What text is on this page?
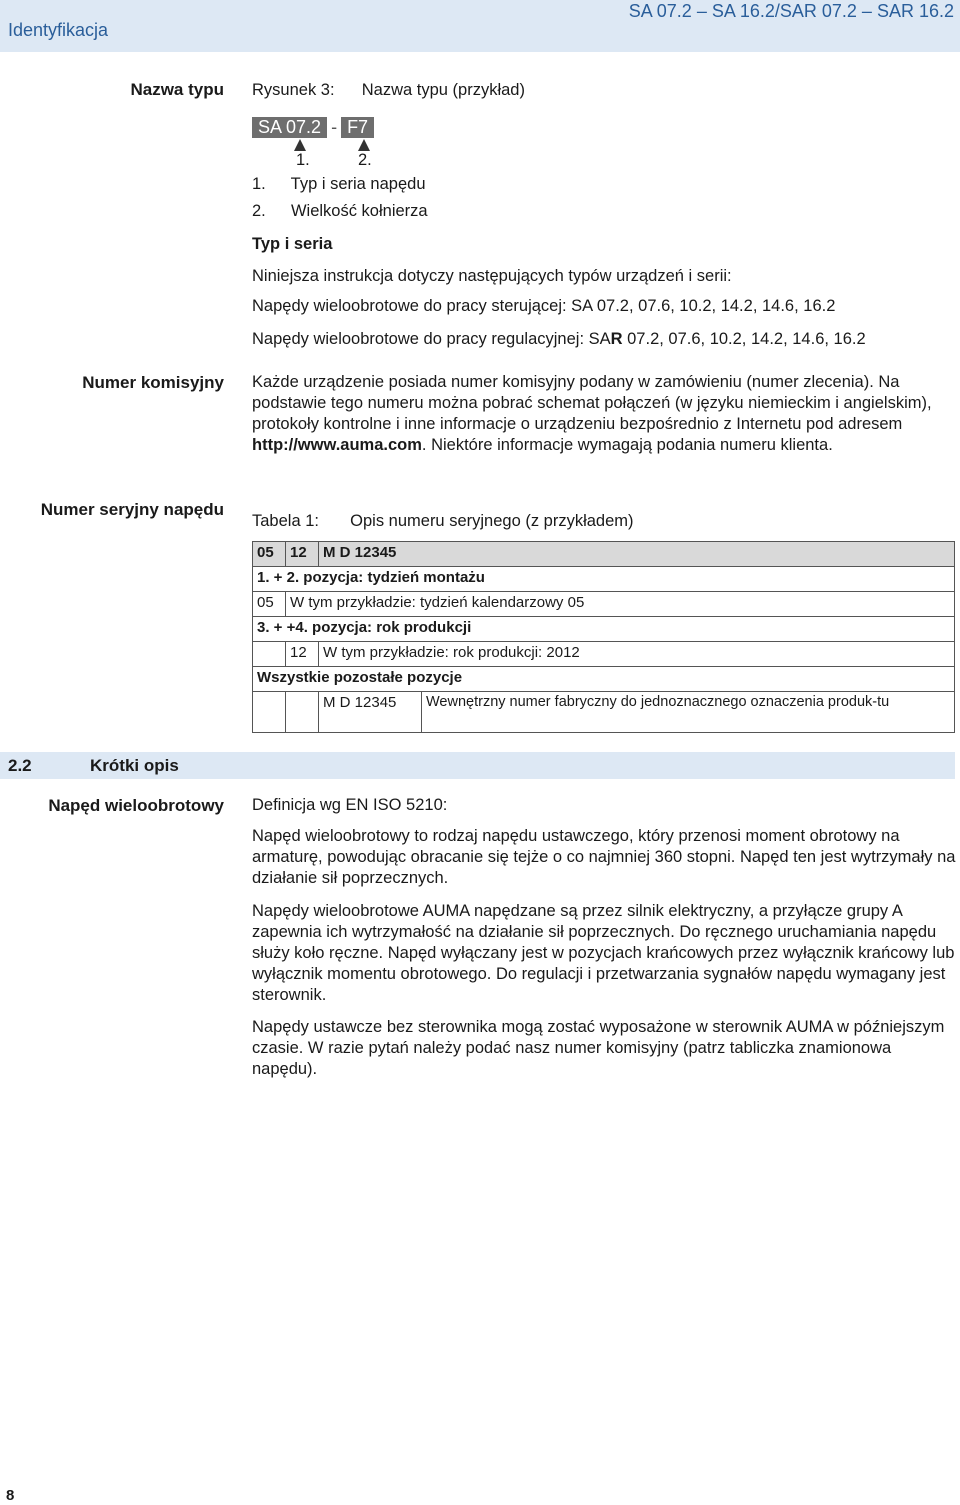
Identyfikacja
SA 07.2 – SA 16.2/SAR 07.2 – SAR 16.2
Nazwa typu Rysunek 3: Nazwa typu (przykład)
SA 07.2 - F7
1.	2.
1. Typ i seria napędu
2. Wielkość kołnierza
Typ i seria
Niniejsza instrukcja dotyczy następujących typów urządzeń i serii:
Napędy wieloobrotowe do pracy sterującej: SA 07.2, 07.6, 10.2, 14.2, 14.6, 16.2
Napędy wieloobrotowe do pracy regulacyjnej: SAR 07.2, 07.6, 10.2, 14.2, 14.6, 16.2
Numer komisyjny Każde urządzenie posiada numer komisyjny podany w zamówieniu (numer zlecenia). Na podstawie tego numeru można pobrać schemat połączeń (w języku niemieckim i angielskim), protokoły kontrolne i inne informacje o urządzeniu bezpośrednio z Internetu pod adresem http://www.auma.com. Niektóre informacje wymagają podania numeru klienta.
Numer seryjny napędu
Tabela 1: Opis numeru seryjnego (z przykładem)
05	12	M D 12345	
1. + 2. pozycja: tydzień montażu			
05	W tym przykładzie: tydzień kalendarzowy 05		
3. + +4. pozycja: rok produkcji			
	12	W tym przykładzie: rok produkcji: 2012	
Wszystkie pozostałe pozycje			
		M D 12345	Wewnętrzny numer fabryczny do jednoznacznego oznaczenia produk-tu
2.2	Krótki opis
Napęd wieloobrotowy Definicja wg EN ISO 5210:
Napęd wieloobrotowy to rodzaj napędu ustawczego, który przenosi moment obrotowy na armaturę, powodując obracanie się tejże o co najmniej 360 stopni. Napęd ten jest wytrzymały na działanie sił poprzecznych.
Napędy wieloobrotowe AUMA napędzane są przez silnik elektryczny, a przyłącze grupy A zapewnia ich wytrzymałość na działanie sił poprzecznych. Do ręcznego uruchamiania napędu służy koło ręczne. Napęd wyłączany jest w pozycjach krańcowych przez wyłącznik krańcowy lub wyłącznik momentu obrotowego. Do regulacji i przetwarzania sygnałów napędu wymagany jest sterownik.
Napędy ustawcze bez sterownika mogą zostać wyposażone w sterownik AUMA w późniejszym czasie. W razie pytań należy podać nasz numer komisyjny (patrz tabliczka znamionowa napędu).
8
